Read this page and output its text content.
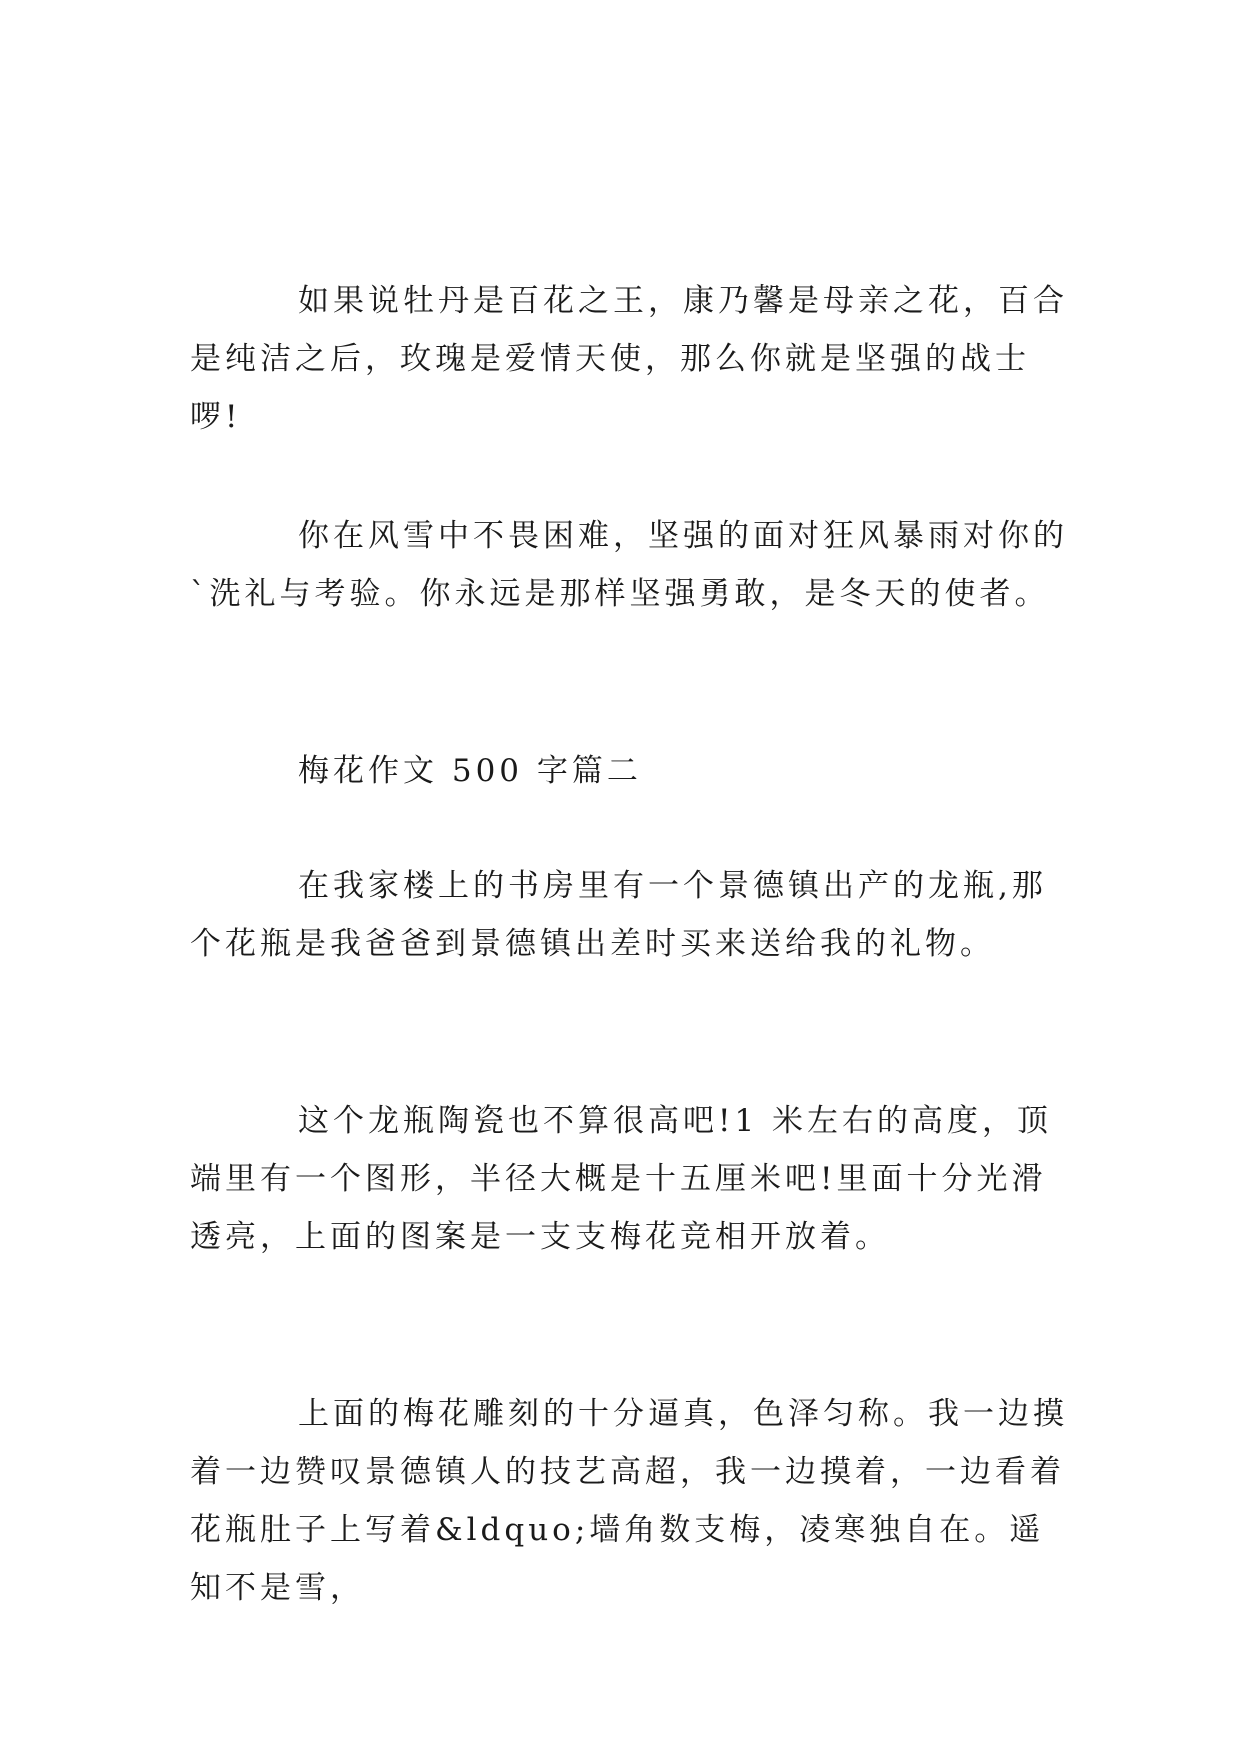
如果说牡丹是百花之王，康乃馨是母亲之花，百合是纯洁之后，玫瑰是爱情天使，那么你就是坚强的战士啰!

你在风雪中不畏困难，坚强的面对狂风暴雨对你的`洗礼与考验。你永远是那样坚强勇敢，是冬天的使者。

梅花作文 500 字篇二

在我家楼上的书房里有一个景德镇出产的龙瓶,那个花瓶是我爸爸到景德镇出差时买来送给我的礼物。

这个龙瓶陶瓷也不算很高吧!1 米左右的高度，顶端里有一个图形，半径大概是十五厘米吧!里面十分光滑透亮，上面的图案是一支支梅花竞相开放着。

上面的梅花雕刻的十分逼真，色泽匀称。我一边摸着一边赞叹景德镇人的技艺高超，我一边摸着，一边看着花瓶肚子上写着&ldquo;墙角数支梅，凌寒独自在。遥知不是雪，
